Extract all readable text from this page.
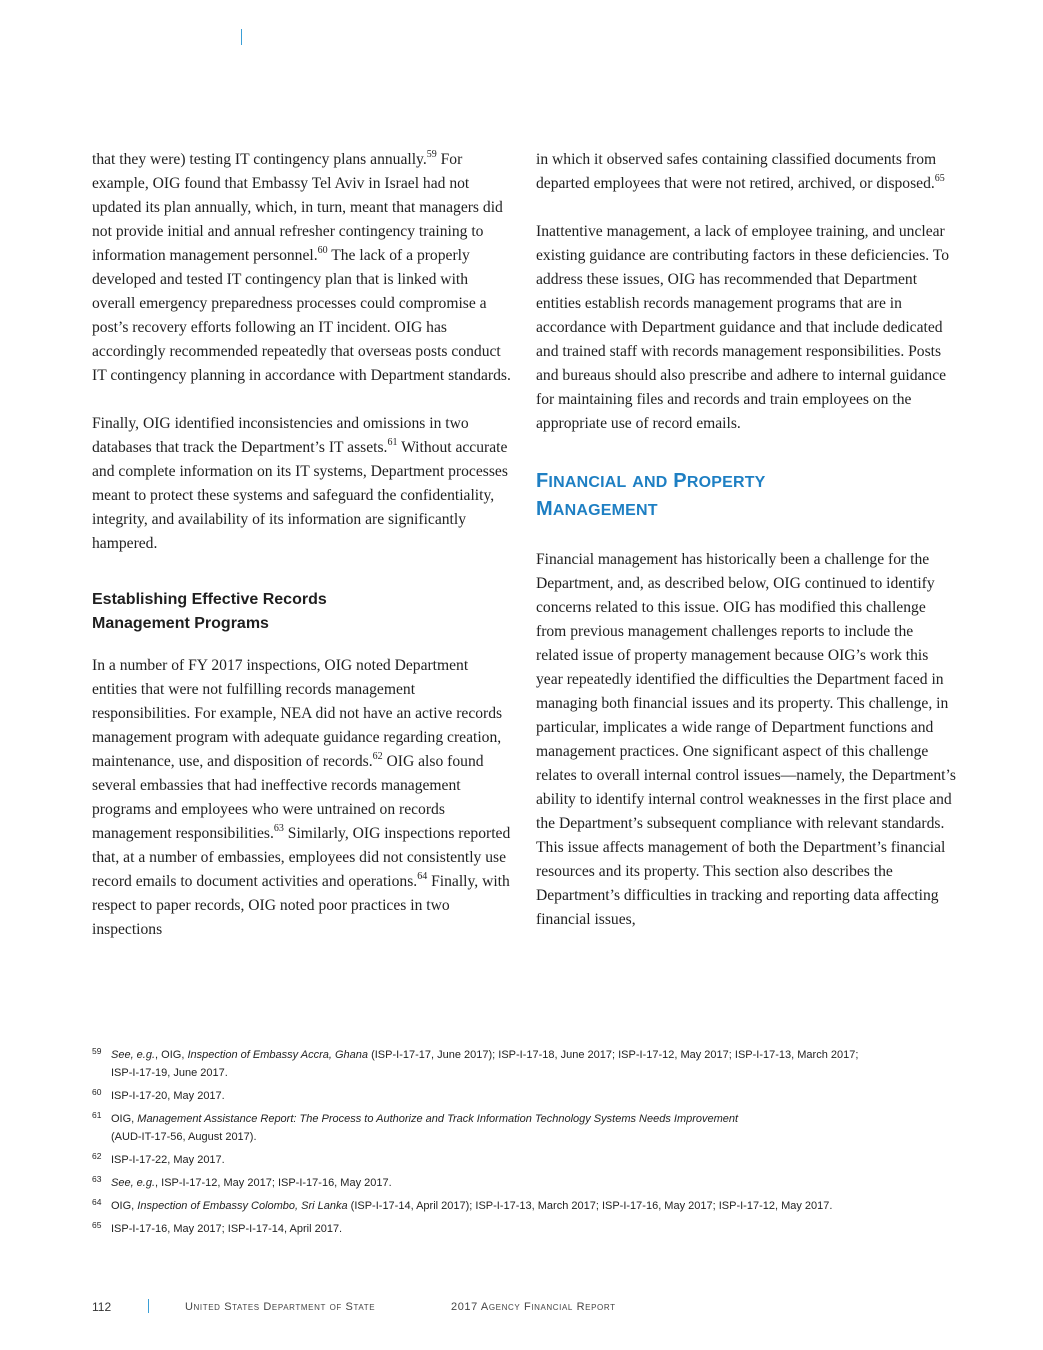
that they were) testing IT contingency plans annually.$^{59}$ For example, OIG found that Embassy Tel Aviv in Israel had not updated its plan annually, which, in turn, meant that managers did not provide initial and annual refresher contingency training to information management personnel.$^{60}$ The lack of a properly developed and tested IT contingency plan that is linked with overall emergency preparedness processes could compromise a post’s recovery efforts following an IT incident. OIG has accordingly recommended repeatedly that overseas posts conduct IT contingency planning in accordance with Department standards.

Finally, OIG identified inconsistencies and omissions in two databases that track the Department’s IT assets.$^{61}$ Without accurate and complete information on its IT systems, Department processes meant to protect these systems and safeguard the confidentiality, integrity, and availability of its information are significantly hampered.

Establishing Effective Records
Management Programs

In a number of FY 2017 inspections, OIG noted Department entities that were not fulfilling records management responsibilities. For example, NEA did not have an active records management program with adequate guidance regarding creation, maintenance, use, and disposition of records.$^{62}$ OIG also found several embassies that had ineffective records management programs and employees who were untrained on records management responsibilities.$^{63}$ Similarly, OIG inspections reported that, at a number of embassies, employees did not consistently use record emails to document activities and operations.$^{64}$ Finally, with respect to paper records, OIG noted poor practices in two inspections

in which it observed safes containing classified documents from departed employees that were not retired, archived, or disposed.$^{65}$

Inattentive management, a lack of employee training, and unclear existing guidance are contributing factors in these deficiencies. To address these issues, OIG has recommended that Department entities establish records management programs that are in accordance with Department guidance and that include dedicated and trained staff with records management responsibilities. Posts and bureaus should also prescribe and adhere to internal guidance for maintaining files and records and train employees on the appropriate use of record emails.

FINANCIAL AND PROPERTY
MANAGEMENT

Financial management has historically been a challenge for the Department, and, as described below, OIG continued to identify concerns related to this issue. OIG has modified this challenge from previous management challenges reports to include the related issue of property management because OIG’s work this year repeatedly identified the difficulties the Department faced in managing both financial issues and its property. This challenge, in particular, implicates a wide range of Department functions and management practices. One significant aspect of this challenge relates to overall internal control issues—namely, the Department’s ability to identify internal control weaknesses in the first place and the Department’s subsequent compliance with relevant standards. This issue affects management of both the Department’s financial resources and its property. This section also describes the Department’s difficulties in tracking and reporting data affecting financial issues,

59 See, e.g., OIG, Inspection of Embassy Accra, Ghana (ISP-I-17-17, June 2017); ISP-I-17-18, June 2017; ISP-I-17-12, May 2017; ISP-I-17-13, March 2017;
ISP-I-17-19, June 2017.
60 ISP-I-17-20, May 2017.
61 OIG, Management Assistance Report: The Process to Authorize and Track Information Technology Systems Needs Improvement
(AUD-IT-17-56, August 2017).
62 ISP-I-17-22, May 2017.
63 See, e.g., ISP-I-17-12, May 2017; ISP-I-17-16, May 2017.
64 OIG, Inspection of Embassy Colombo, Sri Lanka (ISP-I-17-14, April 2017); ISP-I-17-13, March 2017; ISP-I-17-16, May 2017; ISP-I-17-12, May 2017.
65 ISP-I-17-16, May 2017; ISP-I-17-14, April 2017.
112	United States Department of State	2017 Agency Financial Report
